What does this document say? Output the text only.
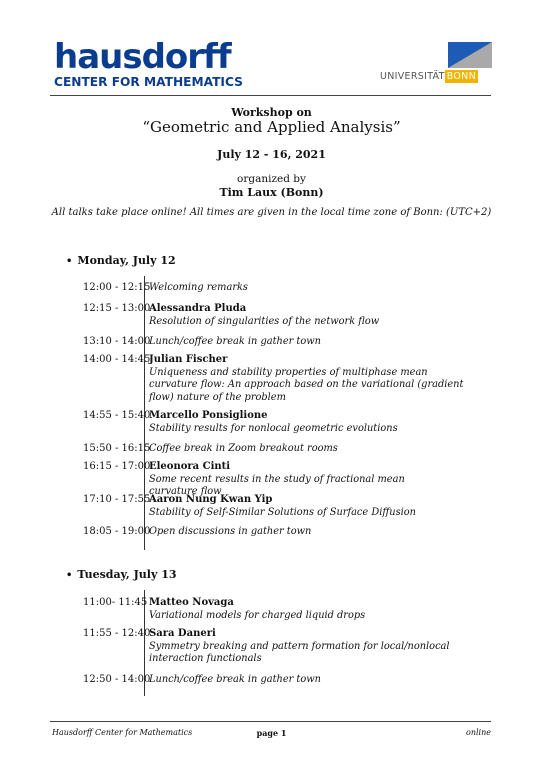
hausdorff
CENTER FOR MATHEMATICS	UNIVERSITÄT BONN
Workshop on
“Geometric and Applied Analysis”
July 12 - 16, 2021
organized by
Tim Laux (Bonn)
All talks take place online! All times are given in the local time zone of Bonn: (UTC+2)
• Monday, July 12
12:00 - 12:15
Welcoming remarks
12:15 - 13:00
Alessandra Pluda
Resolution of singularities of the network flow
13:10 - 14:00
Lunch/coffee break in gather town
14:00 - 14:45
Julian Fischer
Uniqueness and stability properties of multiphase mean curvature flow: An approach based on the variational (gradient flow) nature of the problem
14:55 - 15:40
Marcello Ponsiglione
Stability results for nonlocal geometric evolutions
15:50 - 16:15
Coffee break in Zoom breakout rooms
16:15 - 17:00
Eleonora Cinti
Some recent results in the study of fractional mean curvature flow
17:10 - 17:55
Aaron Nung Kwan Yip
Stability of Self-Similar Solutions of Surface Diffusion
18:05 - 19:00
Open discussions in gather town
• Tuesday, July 13
11:00- 11:45 Matteo Novaga
Variational models for charged liquid drops
11:55 - 12:40
Sara Daneri
Symmetry breaking and pattern formation for local/nonlocal interaction functionals
12:50 - 14:00
Lunch/coffee break in gather town
Hausdorff Center for Mathematics	page 1	online
